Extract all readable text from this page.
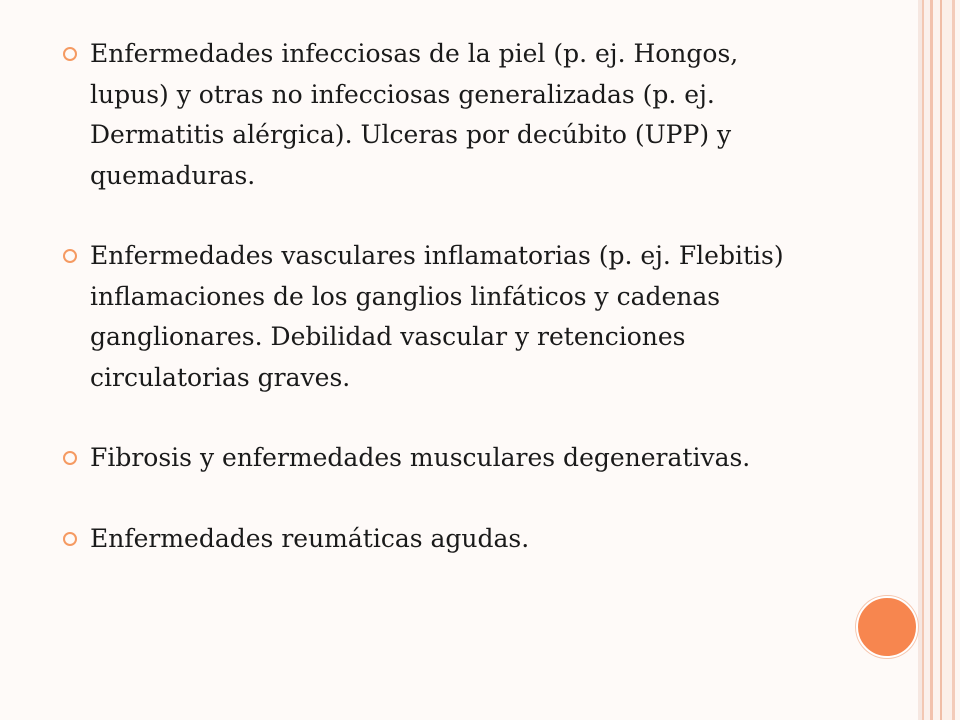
Enfermedades infecciosas de la piel (p. ej. Hongos, lupus) y otras no infecciosas generalizadas (p. ej. Dermatitis alérgica). Ulceras por decúbito (UPP) y quemaduras.
Enfermedades vasculares inflamatorias (p. ej. Flebitis) inflamaciones de los ganglios linfáticos y cadenas ganglionares. Debilidad vascular y retenciones circulatorias graves.
Fibrosis y enfermedades musculares degenerativas.
Enfermedades reumáticas agudas.
